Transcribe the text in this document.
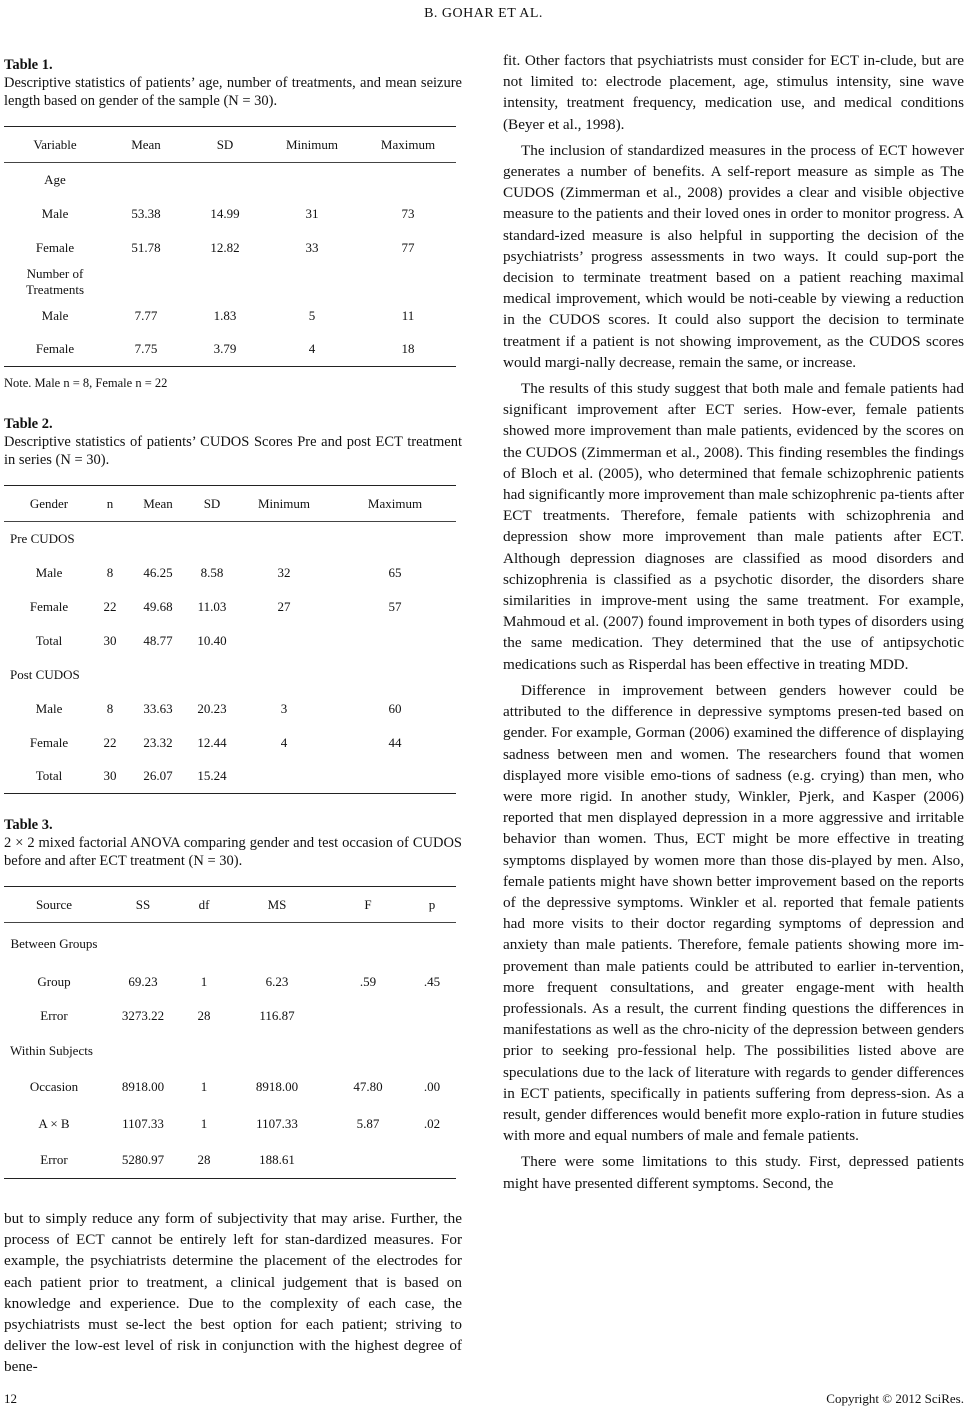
B. GOHAR ET AL.
Table 1.
Descriptive statistics of patients’ age, number of treatments, and mean seizure length based on gender of the sample (N = 30).
Variable	Mean	SD	Minimum	Maximum
Age				
Male	53.38	14.99	31	73
Female	51.78	12.82	33	77
Number of Treatments				
Male	7.77	1.83	5	11
Female	7.75	3.79	4	18
Note. Male n = 8, Female n = 22
Table 2.
Descriptive statistics of patients’ CUDOS Scores Pre and post ECT treatment in series (N = 30).
Gender	n	Mean	SD	Minimum	Maximum
Pre CUDOS					
Male	8	46.25	8.58	32	65
Female	22	49.68	11.03	27	57
Total	30	48.77	10.40		
Post CUDOS					
Male	8	33.63	20.23	3	60
Female	22	23.32	12.44	4	44
Total	30	26.07	15.24		
Table 3.
2 × 2 mixed factorial ANOVA comparing gender and test occasion of CUDOS before and after ECT treatment (N = 30).
Source	SS	df	MS	F	p
Between Groups					
Group	69.23	1	6.23	.59	.45
Error	3273.22	28	116.87		
Within Subjects					
Occasion	8918.00	1	8918.00	47.80	.00
A × B	1107.33	1	1107.33	5.87	.02
Error	5280.97	28	188.61		

but to simply reduce any form of subjectivity that may arise. Further, the process of ECT cannot be entirely left for stan-dardized measures. For example, the psychiatrists determine the placement of the electrodes for each patient prior to treatment, a clinical judgement that is based on knowledge and experience. Due to the complexity of each case, the psychiatrists must se-lect the best option for each patient; striving to deliver the low-est level of risk in conjunction with the highest degree of bene-

fit. Other factors that psychiatrists must consider for ECT in-clude, but are not limited to: electrode placement, age, stimulus intensity, sine wave intensity, treatment frequency, medication use, and medical conditions (Beyer et al., 1998).

The inclusion of standardized measures in the process of ECT however generates a number of benefits. A self-report measure as simple as The CUDOS (Zimmerman et al., 2008) provides a clear and visible objective measure to the patients and their loved ones in order to monitor progress. A standard-ized measure is also helpful in supporting the decision of the psychiatrists’ progress assessments in two ways. It could sup-port the decision to terminate treatment based on a patient reaching maximal medical improvement, which would be noti-ceable by viewing a reduction in the CUDOS scores. It could also support the decision to terminate treatment if a patient is not showing improvement, as the CUDOS scores would margi-nally decrease, remain the same, or increase.

The results of this study suggest that both male and female patients had significant improvement after ECT series. How-ever, female patients showed more improvement than male patients, evidenced by the scores on the CUDOS (Zimmerman et al., 2008). This finding resembles the findings of Bloch et al. (2005), who determined that female schizophrenic patients had significantly more improvement than male schizophrenic pa-tients after ECT treatments. Therefore, female patients with schizophrenia and depression show more improvement than male patients after ECT. Although depression diagnoses are classified as mood disorders and schizophrenia is classified as a psychotic disorder, the disorders share similarities in improve-ment using the same treatment. For example, Mahmoud et al. (2007) found improvement in both types of disorders using the same medication. They determined that the use of antipsychotic medications such as Risperdal has been effective in treating MDD.

Difference in improvement between genders however could be attributed to the difference in depressive symptoms presen-ted based on gender. For example, Gorman (2006) examined the difference of displaying sadness between men and women. The researchers found that women displayed more visible emo-tions of sadness (e.g. crying) than men, who were more rigid. In another study, Winkler, Pjerk, and Kasper (2006) reported that men displayed depression in a more aggressive and irritable behavior than women. Thus, ECT might be more effective in treating symptoms displayed by women more than those dis-played by men. Also, female patients might have shown better improvement based on the reports of the depressive symptoms. Winkler et al. reported that female patients had more visits to their doctor regarding symptoms of depression and anxiety than male patients. Therefore, female patients showing more im-provement than male patients could be attributed to earlier in-tervention, more frequent consultations, and greater engage-ment with health professionals. As a result, the current finding questions the differences in manifestations as well as the chro-nicity of the depression between genders prior to seeking pro-fessional help. The possibilities listed above are speculations due to the lack of literature with regards to gender differences in ECT patients, specifically in patients suffering from depress-sion. As a result, gender differences would benefit more explo-ration in future studies with more and equal numbers of male and female patients.

There were some limitations to this study. First, depressed patients might have presented different symptoms. Second, the

12	Copyright © 2012 SciRes.
